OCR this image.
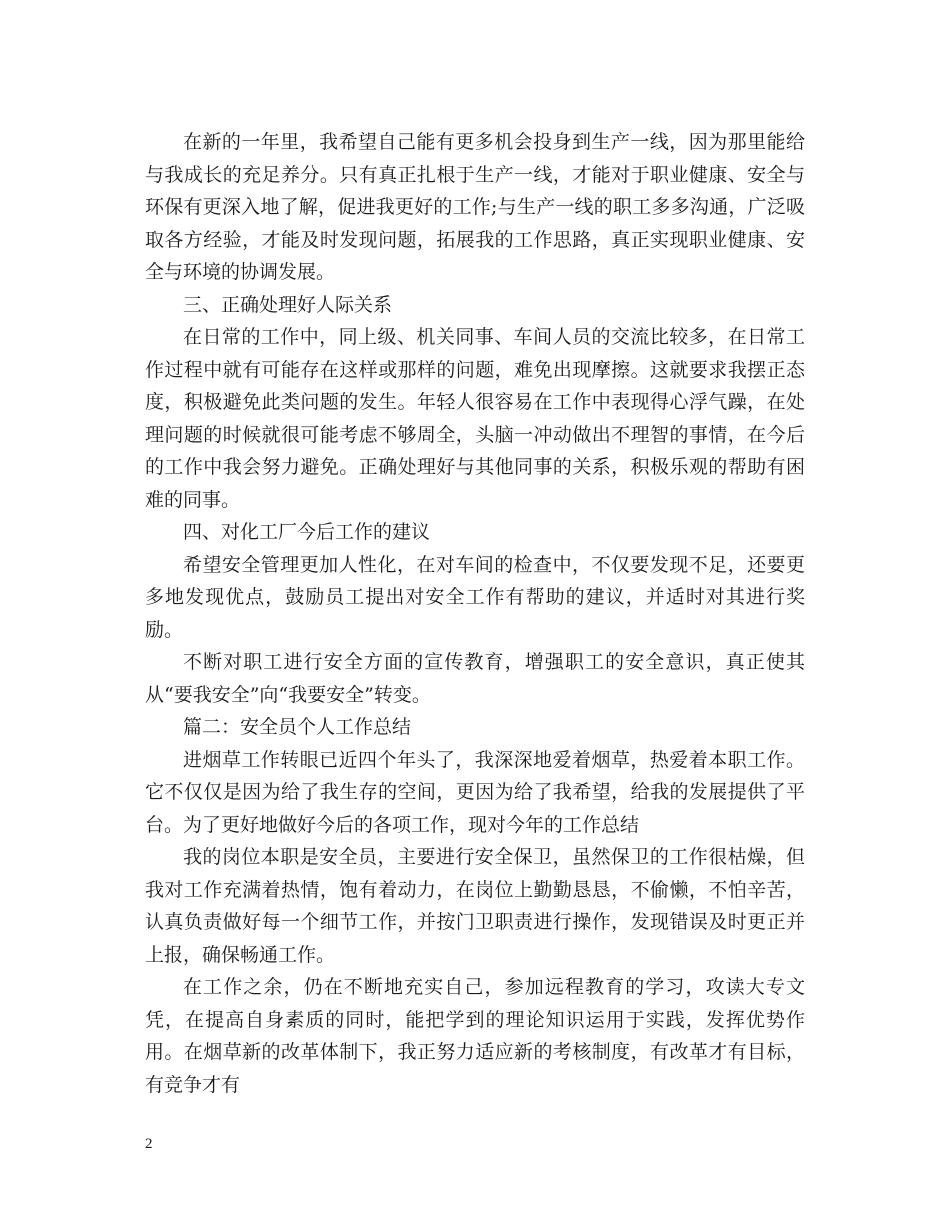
在新的一年里，我希望自己能有更多机会投身到生产一线，因为那里能给与我成长的充足养分。只有真正扎根于生产一线，才能对于职业健康、安全与环保有更深入地了解，促进我更好的工作;与生产一线的职工多多沟通，广泛吸取各方经验，才能及时发现问题，拓展我的工作思路，真正实现职业健康、安全与环境的协调发展。

三、正确处理好人际关系

在日常的工作中，同上级、机关同事、车间人员的交流比较多，在日常工作过程中就有可能存在这样或那样的问题，难免出现摩擦。这就要求我摆正态度，积极避免此类问题的发生。年轻人很容易在工作中表现得心浮气躁，在处理问题的时候就很可能考虑不够周全，头脑一冲动做出不理智的事情，在今后的工作中我会努力避免。正确处理好与其他同事的关系，积极乐观的帮助有困难的同事。

四、对化工厂今后工作的建议

希望安全管理更加人性化，在对车间的检查中，不仅要发现不足，还要更多地发现优点，鼓励员工提出对安全工作有帮助的建议，并适时对其进行奖励。

不断对职工进行安全方面的宣传教育，增强职工的安全意识，真正使其从“要我安全”向“我要安全”转变。

篇二：安全员个人工作总结

进烟草工作转眼已近四个年头了，我深深地爱着烟草，热爱着本职工作。它不仅仅是因为给了我生存的空间，更因为给了我希望，给我的发展提供了平台。为了更好地做好今后的各项工作，现对今年的工作总结

我的岗位本职是安全员，主要进行安全保卫，虽然保卫的工作很枯燥，但我对工作充满着热情，饱有着动力，在岗位上勤勤恳恳，不偷懒，不怕辛苦，认真负责做好每一个细节工作，并按门卫职责进行操作，发现错误及时更正并上报，确保畅通工作。

在工作之余，仍在不断地充实自己，参加远程教育的学习，攻读大专文凭，在提高自身素质的同时，能把学到的理论知识运用于实践，发挥优势作用。在烟草新的改革体制下，我正努力适应新的考核制度，有改革才有目标，有竞争才有

2
